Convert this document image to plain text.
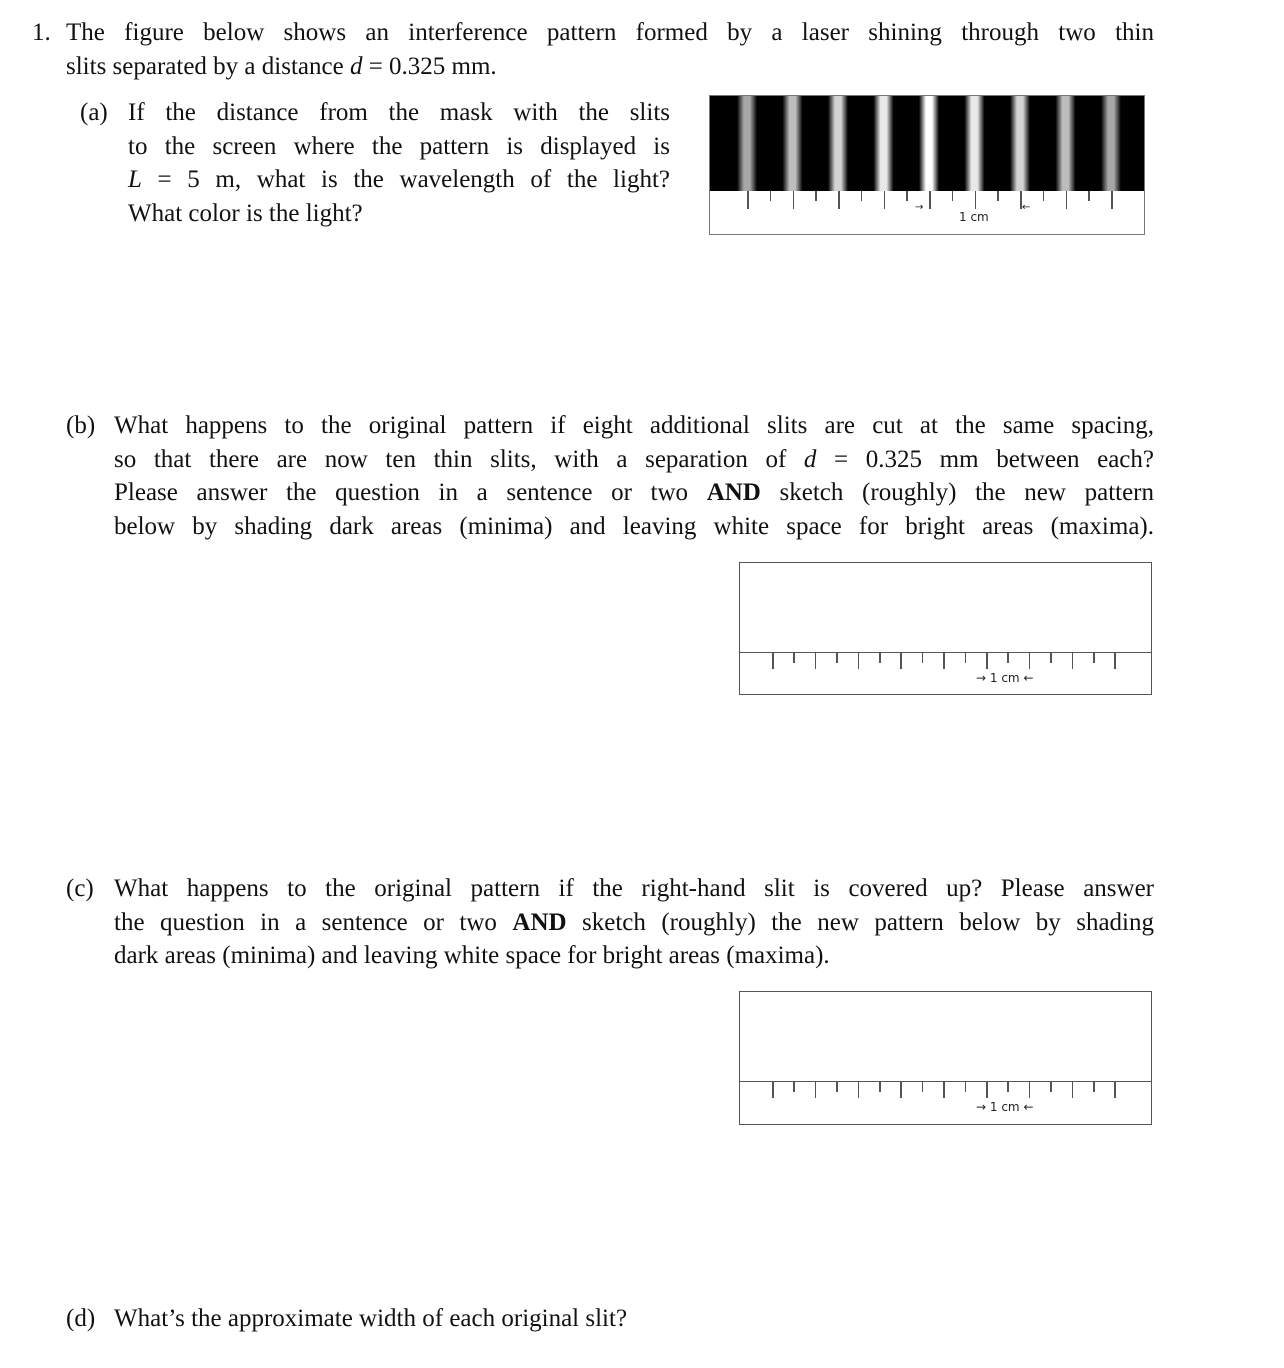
1. The figure below shows an interference pattern formed by a laser shining through two thin
slits separated by a distance d = 0.325 mm.
(a) If the distance from the mask with the slits
to the screen where the pattern is displayed is
L = 5 m, what is the wavelength of the light?
What color is the light?	1 cm
→	←
(b) What happens to the original pattern if eight additional slits are cut at the same spacing,
so that there are now ten thin slits, with a separation of d = 0.325 mm between each?
Please answer the question in a sentence or two AND sketch (roughly) the new pattern
below by shading dark areas (minima) and leaving white space for bright areas (maxima).
→ 1 cm ←
(c) What happens to the original pattern if the right-hand slit is covered up? Please answer
the question in a sentence or two AND sketch (roughly) the new pattern below by shading
dark areas (minima) and leaving white space for bright areas (maxima).
→ 1 cm ←
(d) What’s the approximate width of each original slit?
